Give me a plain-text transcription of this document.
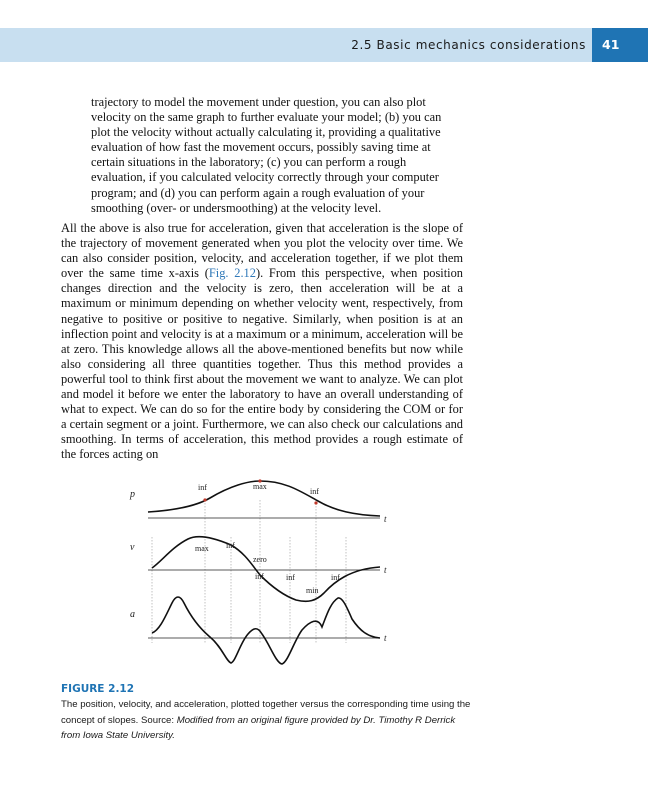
2.5 Basic mechanics considerations	41

trajectory to model the movement under question, you can also plot velocity on the same graph to further evaluate your model; (b) you can plot the velocity without actually calculating it, providing a qualitative evaluation of how fast the movement occurs, possibly saving time at certain situations in the laboratory; (c) you can perform a rough evaluation, if you calculated velocity correctly through your computer program; and (d) you can perform again a rough evaluation of your smoothing (over- or undersmoothing) at the velocity level.

All the above is also true for acceleration, given that acceleration is the slope of the trajectory of movement generated when you plot the velocity over time. We can also consider position, velocity, and acceleration together, if we plot them over the same time x-axis (Fig. 2.12). From this perspective, when position changes direction and the velocity is zero, then acceleration will be at a maximum or minimum depending on whether velocity went, respectively, from negative to positive or positive to negative. Similarly, when position is at an inflection point and velocity is at a maximum or a minimum, acceleration will be at zero. This knowledge allows all the above-mentioned benefits but now while also considering all three quantities together. Thus this method provides a powerful tool to think first about the movement we want to analyze. We can plot and model it before we enter the laboratory to have an overall understanding of what to expect. We can do so for the entire body by considering the COM or for a certain segment or a joint. Furthermore, we can also check our calculations and smoothing. In terms of acceleration, this method provides a rough estimate of the forces acting on

p
v
a
t
t
t
inf	max
inf
max inf
zero
inf	inf	inf
min
FIGURE 2.12

The position, velocity, and acceleration, plotted together versus the corresponding time using the concept of slopes. Source: Modified from an original figure provided by Dr. Timothy R Derrick from Iowa State University.
